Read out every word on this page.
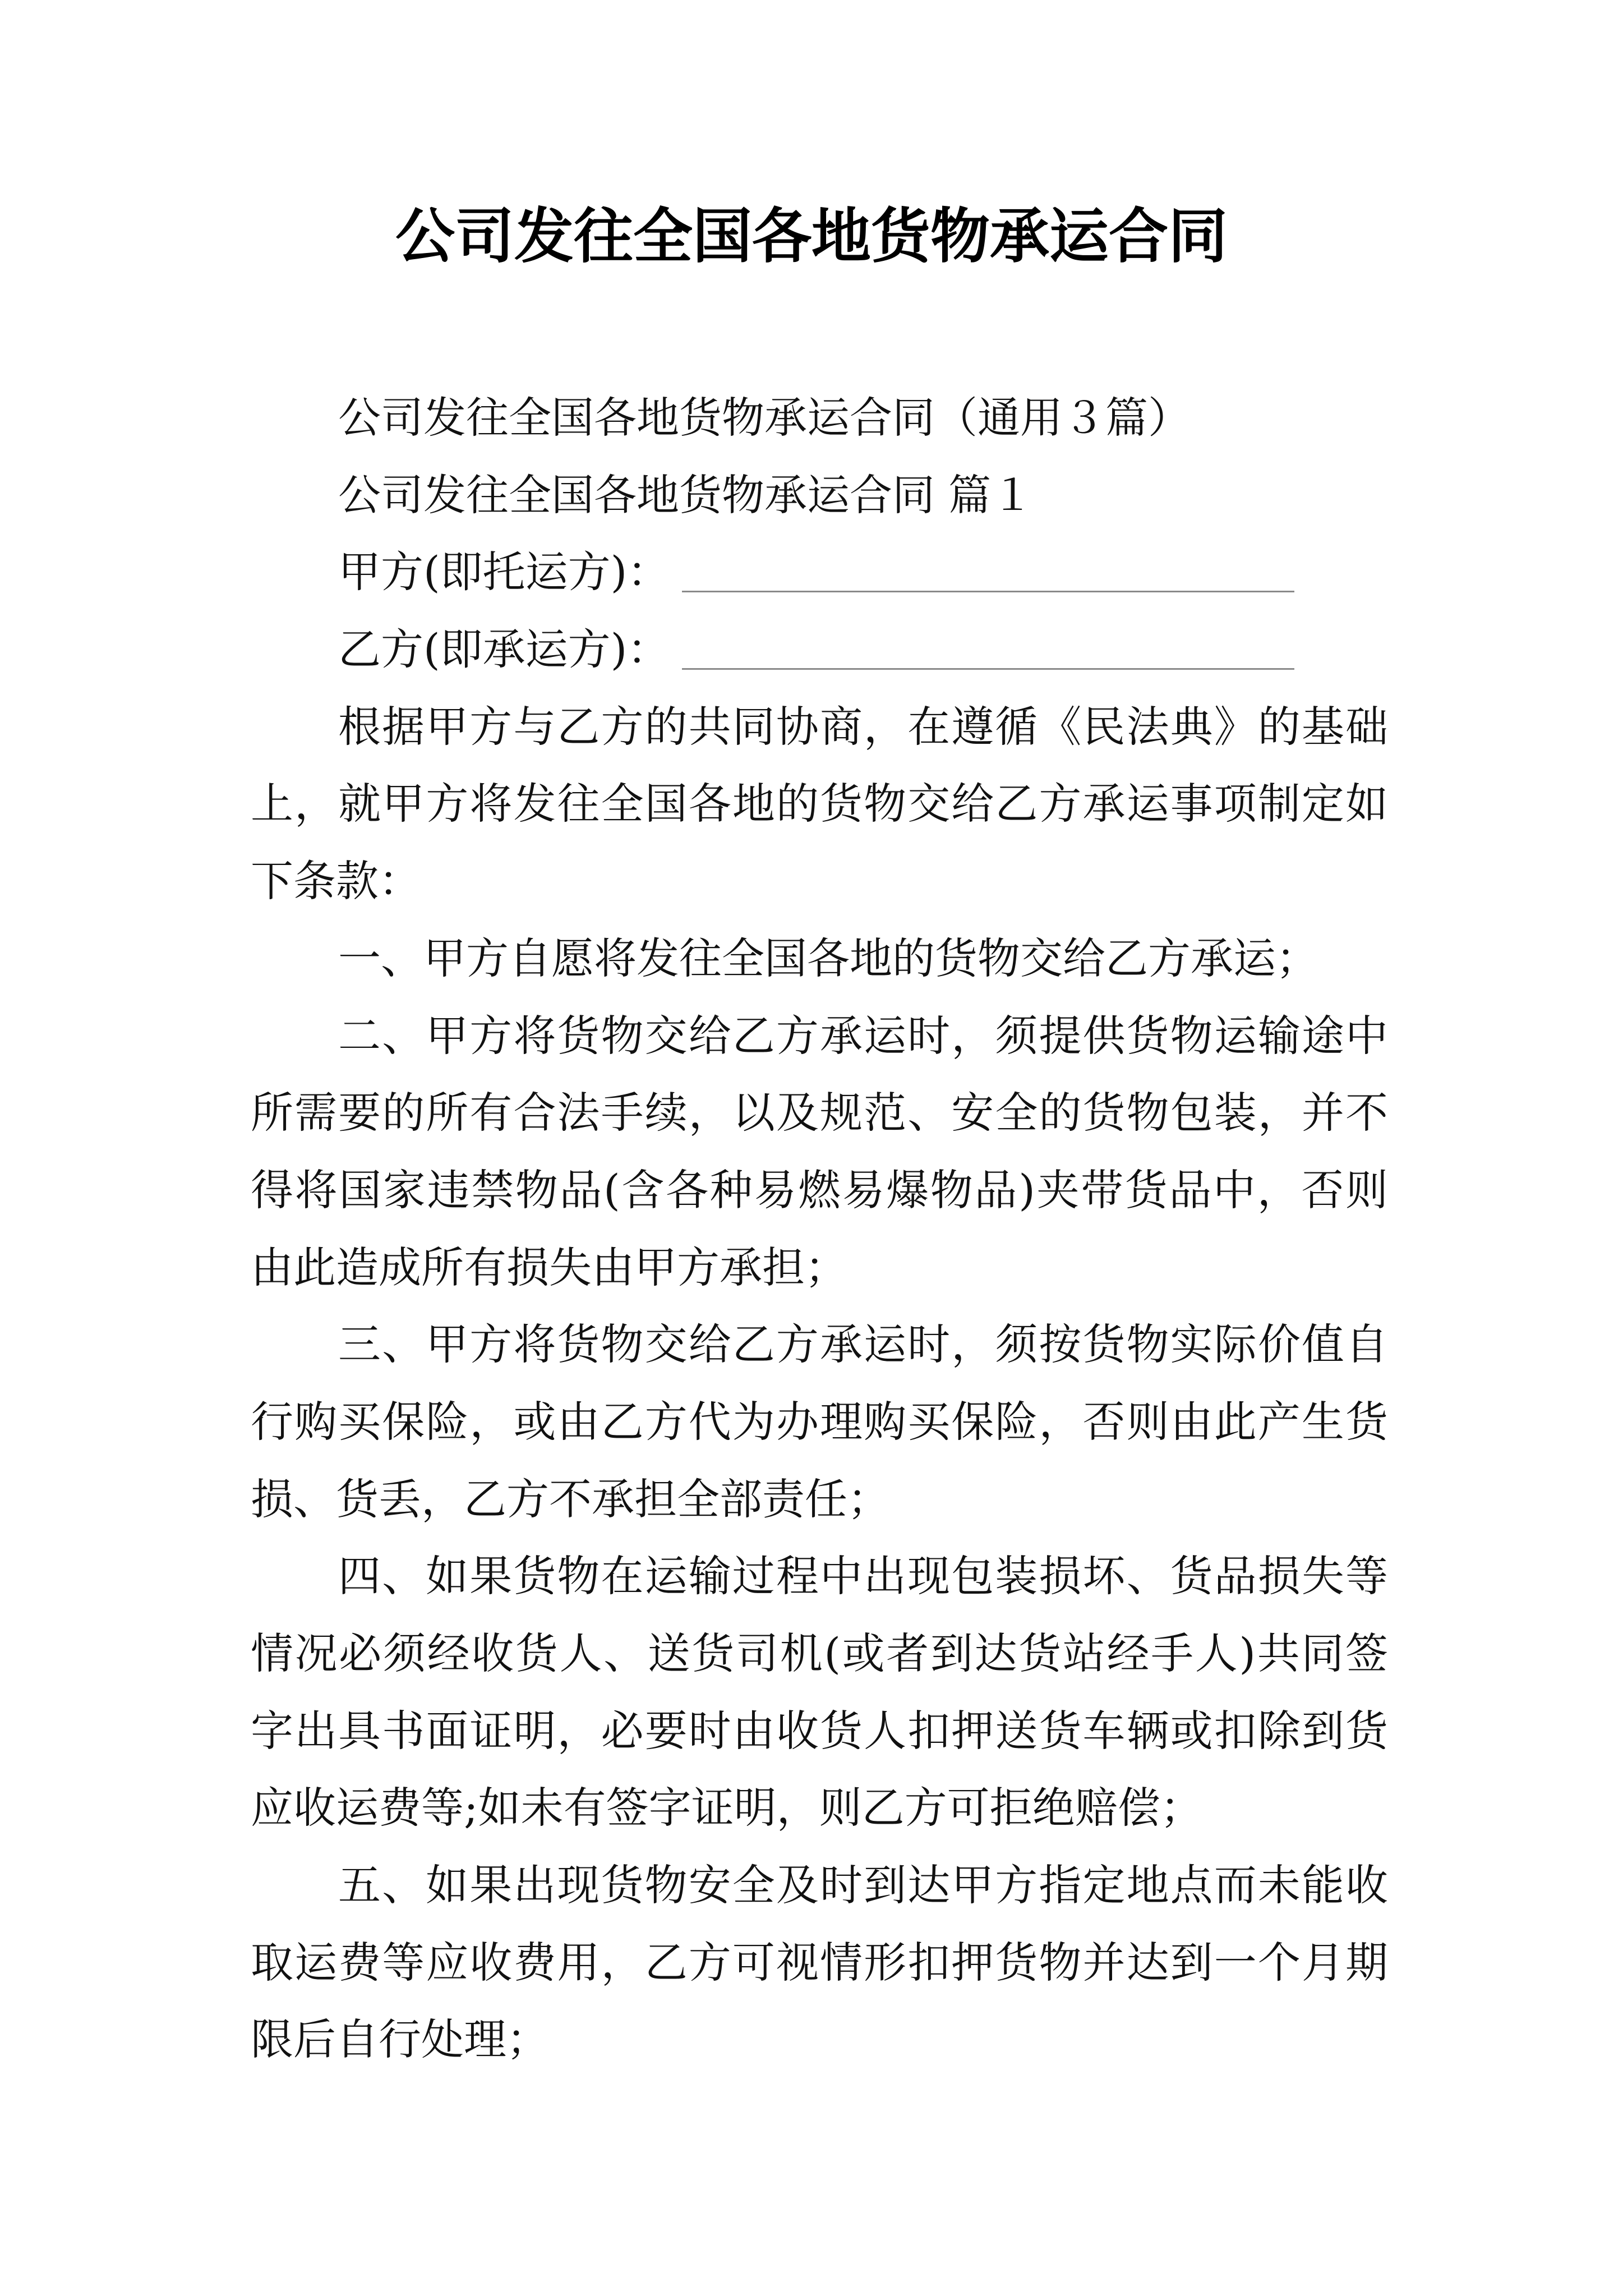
公司发往全国各地货物承运合同
公司发往全国各地货物承运合同（通用３篇）
公司发往全国各地货物承运合同 篇１
甲方(即托运方)：
乙方(即承运方)：
根据甲方与乙方的共同协商，在遵循《民法典》的基础
上，就甲方将发往全国各地的货物交给乙方承运事项制定如
下条款：
一、甲方自愿将发往全国各地的货物交给乙方承运；
二、甲方将货物交给乙方承运时，须提供货物运输途中
所需要的所有合法手续，以及规范、安全的货物包装，并不
得将国家违禁物品(含各种易燃易爆物品)夹带货品中，否则
由此造成所有损失由甲方承担；
三、甲方将货物交给乙方承运时，须按货物实际价值自
行购买保险，或由乙方代为办理购买保险，否则由此产生货
损、货丢，乙方不承担全部责任；
四、如果货物在运输过程中出现包装损坏、货品损失等
情况必须经收货人、送货司机(或者到达货站经手人)共同签
字出具书面证明，必要时由收货人扣押送货车辆或扣除到货
应收运费等;如未有签字证明，则乙方可拒绝赔偿；
五、如果出现货物安全及时到达甲方指定地点而未能收
取运费等应收费用，乙方可视情形扣押货物并达到一个月期
限后自行处理；
